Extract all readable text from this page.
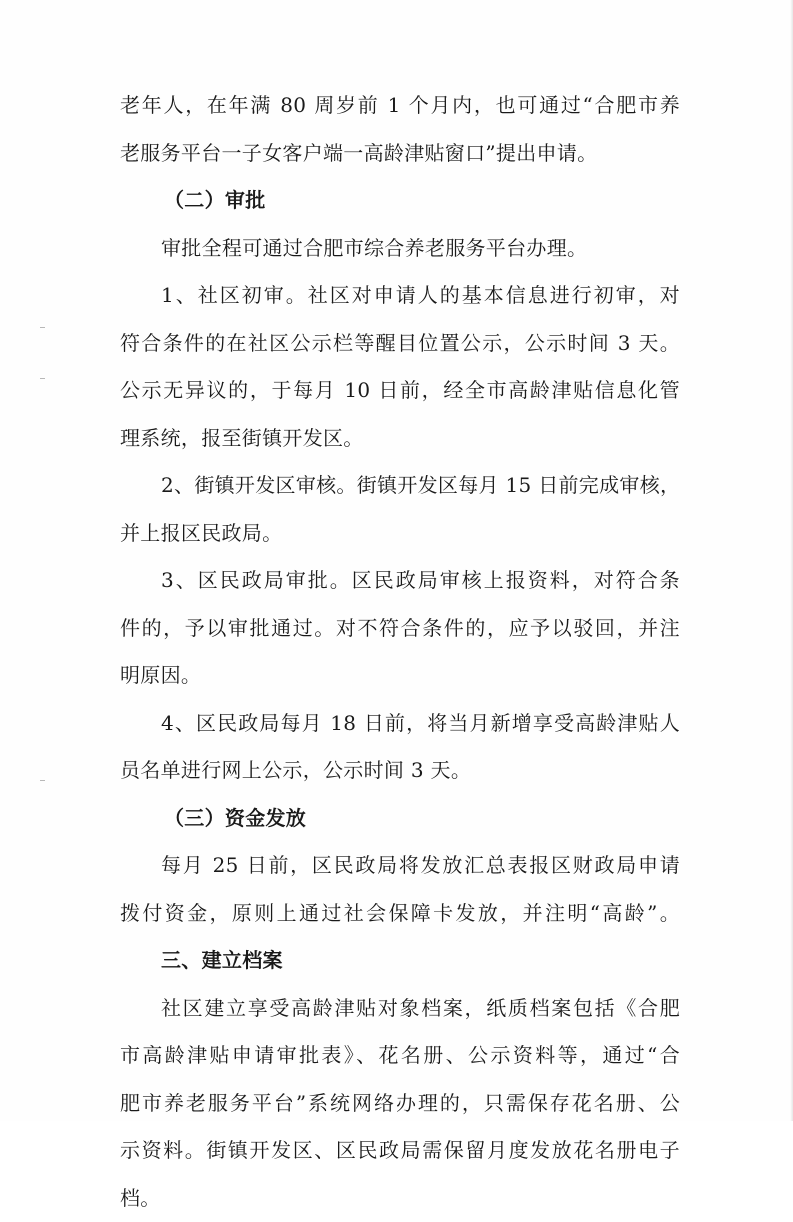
老年人，在年满 80 周岁前 1 个月内，也可通过“合肥市养
老服务平台一子女客户端一高龄津贴窗口”提出申请。
（二）审批
审批全程可通过合肥市综合养老服务平台办理。
1、社区初审。社区对申请人的基本信息进行初审，对
符合条件的在社区公示栏等醒目位置公示，公示时间 3 天。
公示无异议的，于每月 10 日前，经全市高龄津贴信息化管
理系统，报至街镇开发区。
2、街镇开发区审核。街镇开发区每月 15 日前完成审核，
并上报区民政局。
3、区民政局审批。区民政局审核上报资料，对符合条
件的，予以审批通过。对不符合条件的，应予以驳回，并注
明原因。
4、区民政局每月 18 日前，将当月新增享受高龄津贴人
员名单进行网上公示，公示时间 3 天。
（三）资金发放
每月 25 日前，区民政局将发放汇总表报区财政局申请
拨付资金，原则上通过社会保障卡发放，并注明“高龄”。
三、建立档案
社区建立享受高龄津贴对象档案，纸质档案包括《合肥
市高龄津贴申请审批表》、花名册、公示资料等，通过“合
肥市养老服务平台”系统网络办理的，只需保存花名册、公
示资料。街镇开发区、区民政局需保留月度发放花名册电子
档。
